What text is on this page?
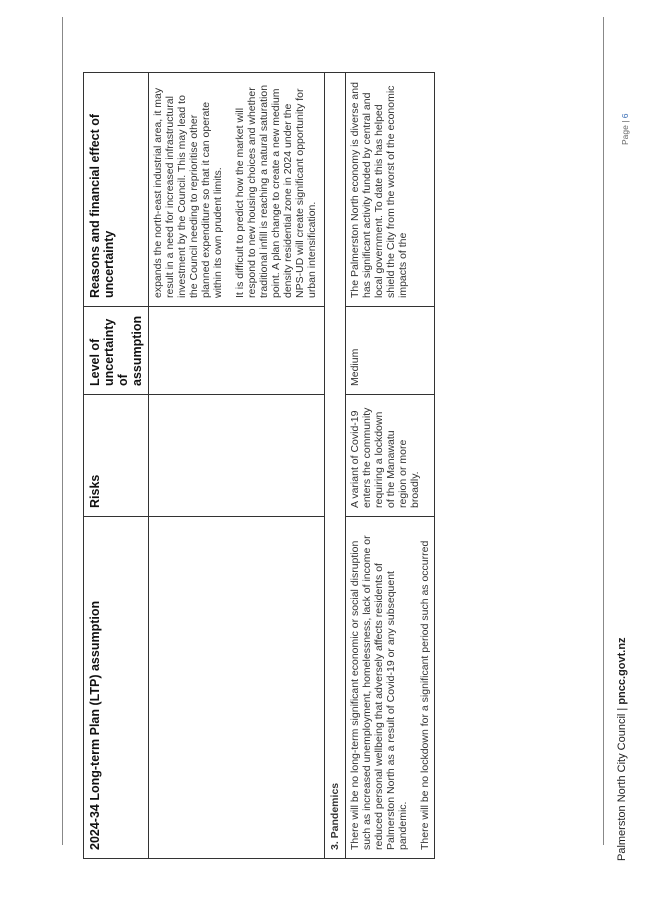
2024-34 Long-term Plan (LTP) assumption	Risks	Level of uncertainty of assumption	Reasons and financial effect of uncertainty

			expands the north-east industrial area, it may result in a need for increased infrastructural investment by the Council. This may lead to the Council needing to reprioritise other planned expenditure so that it can operate within its own prudent limits. It is difficult to predict how the market will respond to new housing choices and whether traditional infill is reaching a natural saturation point. A plan change to create a new medium density residential zone in 2024 under the NPS-UD will create significant opportunity for urban intensification.

3. Pandemics			

There will be no long-term significant economic or social disruption such as increased unemployment, homelessness, lack of income or reduced personal wellbeing that adversely affects residents of Palmerston North as a result of Covid-19 or any subsequent pandemic. There will be no lockdown for a significant period such as occurred	A variant of Covid-19 enters the community requiring a lockdown of the Manawatu region or more broadly.	Medium	The Palmerston North economy is diverse and has significant activity funded by central and local government. To date this has helped shield the City from the worst of the economic impacts of the
Palmerston North City Council | pncc.govt.nz
Page | 6
